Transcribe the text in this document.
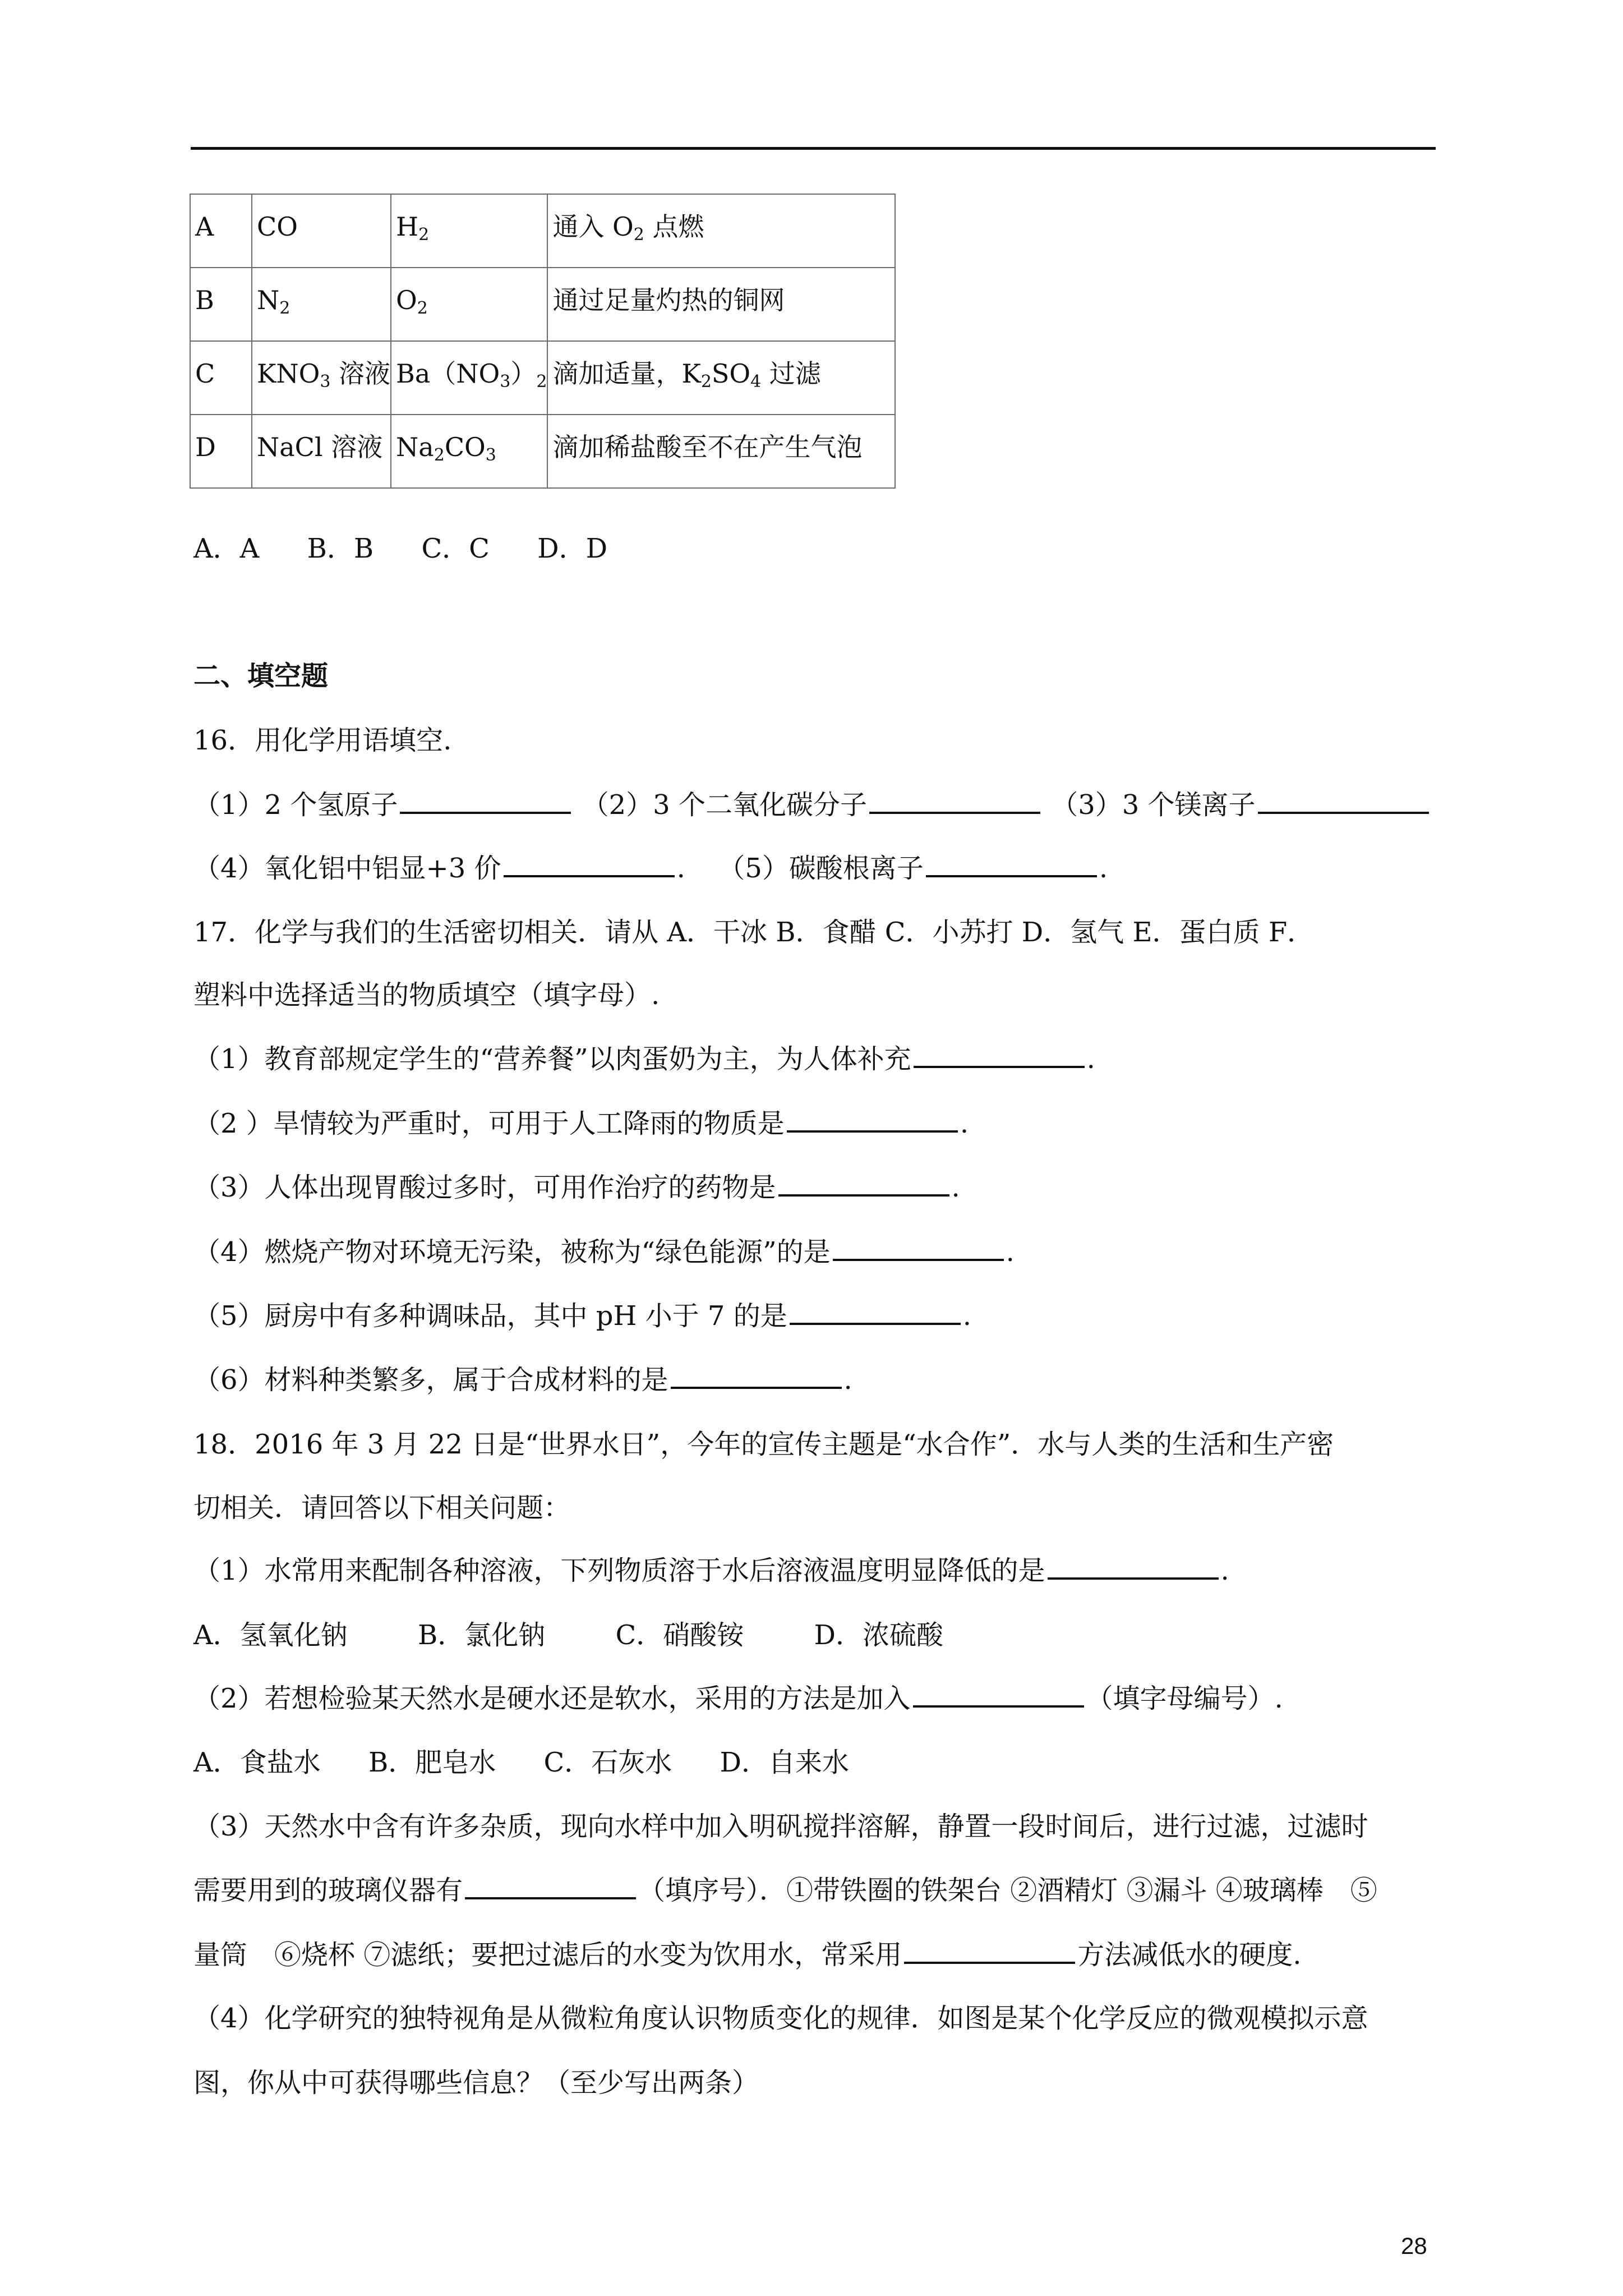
A	CO	$H_2$	通入 $O_2$ 点燃
B	$N_2$	$O_2$	通过足量灼热的铜网
C	$KNO_3$ 溶液	$Ba(NO_3)_2$	滴加适量，$K_2SO_4$ 过滤
D	NaCl 溶液	$Na_2CO_3$	滴加稀盐酸至不在产生气泡
A．A B．B C．C D．D
二、填空题
16．用化学用语填空.
（1）2 个氢原子	（2）3 个二氧化碳分子	（3）3 个镁离子
（4）氧化铝中铝显+3 价	. （5）碳酸根离子	.
17．化学与我们的生活密切相关．请从 A．干冰 B．食醋 C．小苏打 D．氢气 E．蛋白质 F．
塑料中选择适当的物质填空（填字母）.
（1）教育部规定学生的“营养餐”以肉蛋奶为主，为人体补充	.
（2 ）旱情较为严重时，可用于人工降雨的物质是	.
（3）人体出现胃酸过多时，可用作治疗的药物是	.
（4）燃烧产物对环境无污染，被称为“绿色能源”的是	.
（5）厨房中有多种调味品，其中 pH 小于 7 的是	.
（6）材料种类繁多，属于合成材料的是	.
18．2016 年 3 月 22 日是“世界水日”，今年的宣传主题是“水合作”．水与人类的生活和生产密
切相关．请回答以下相关问题：
（1）水常用来配制各种溶液，下列物质溶于水后溶液温度明显降低的是	.
A．氢氧化钠	B．氯化钠	C．硝酸铵	D．浓硫酸
（2）若想检验某天然水是硬水还是软水，采用的方法是加入	（填字母编号）.
A．食盐水 B．肥皂水 C．石灰水 D．自来水
（3）天然水中含有许多杂质，现向水样中加入明矾搅拌溶解，静置一段时间后，进行过滤，过滤时
需要用到的玻璃仪器有	（填序号）．①带铁圈的铁架台 ②酒精灯 ③漏斗 ④玻璃棒　⑤
量筒　⑥烧杯 ⑦滤纸；要把过滤后的水变为饮用水，常采用	方法减低水的硬度.
（4）化学研究的独特视角是从微粒角度认识物质变化的规律．如图是某个化学反应的微观模拟示意
图，你从中可获得哪些信息？（至少写出两条）
28
